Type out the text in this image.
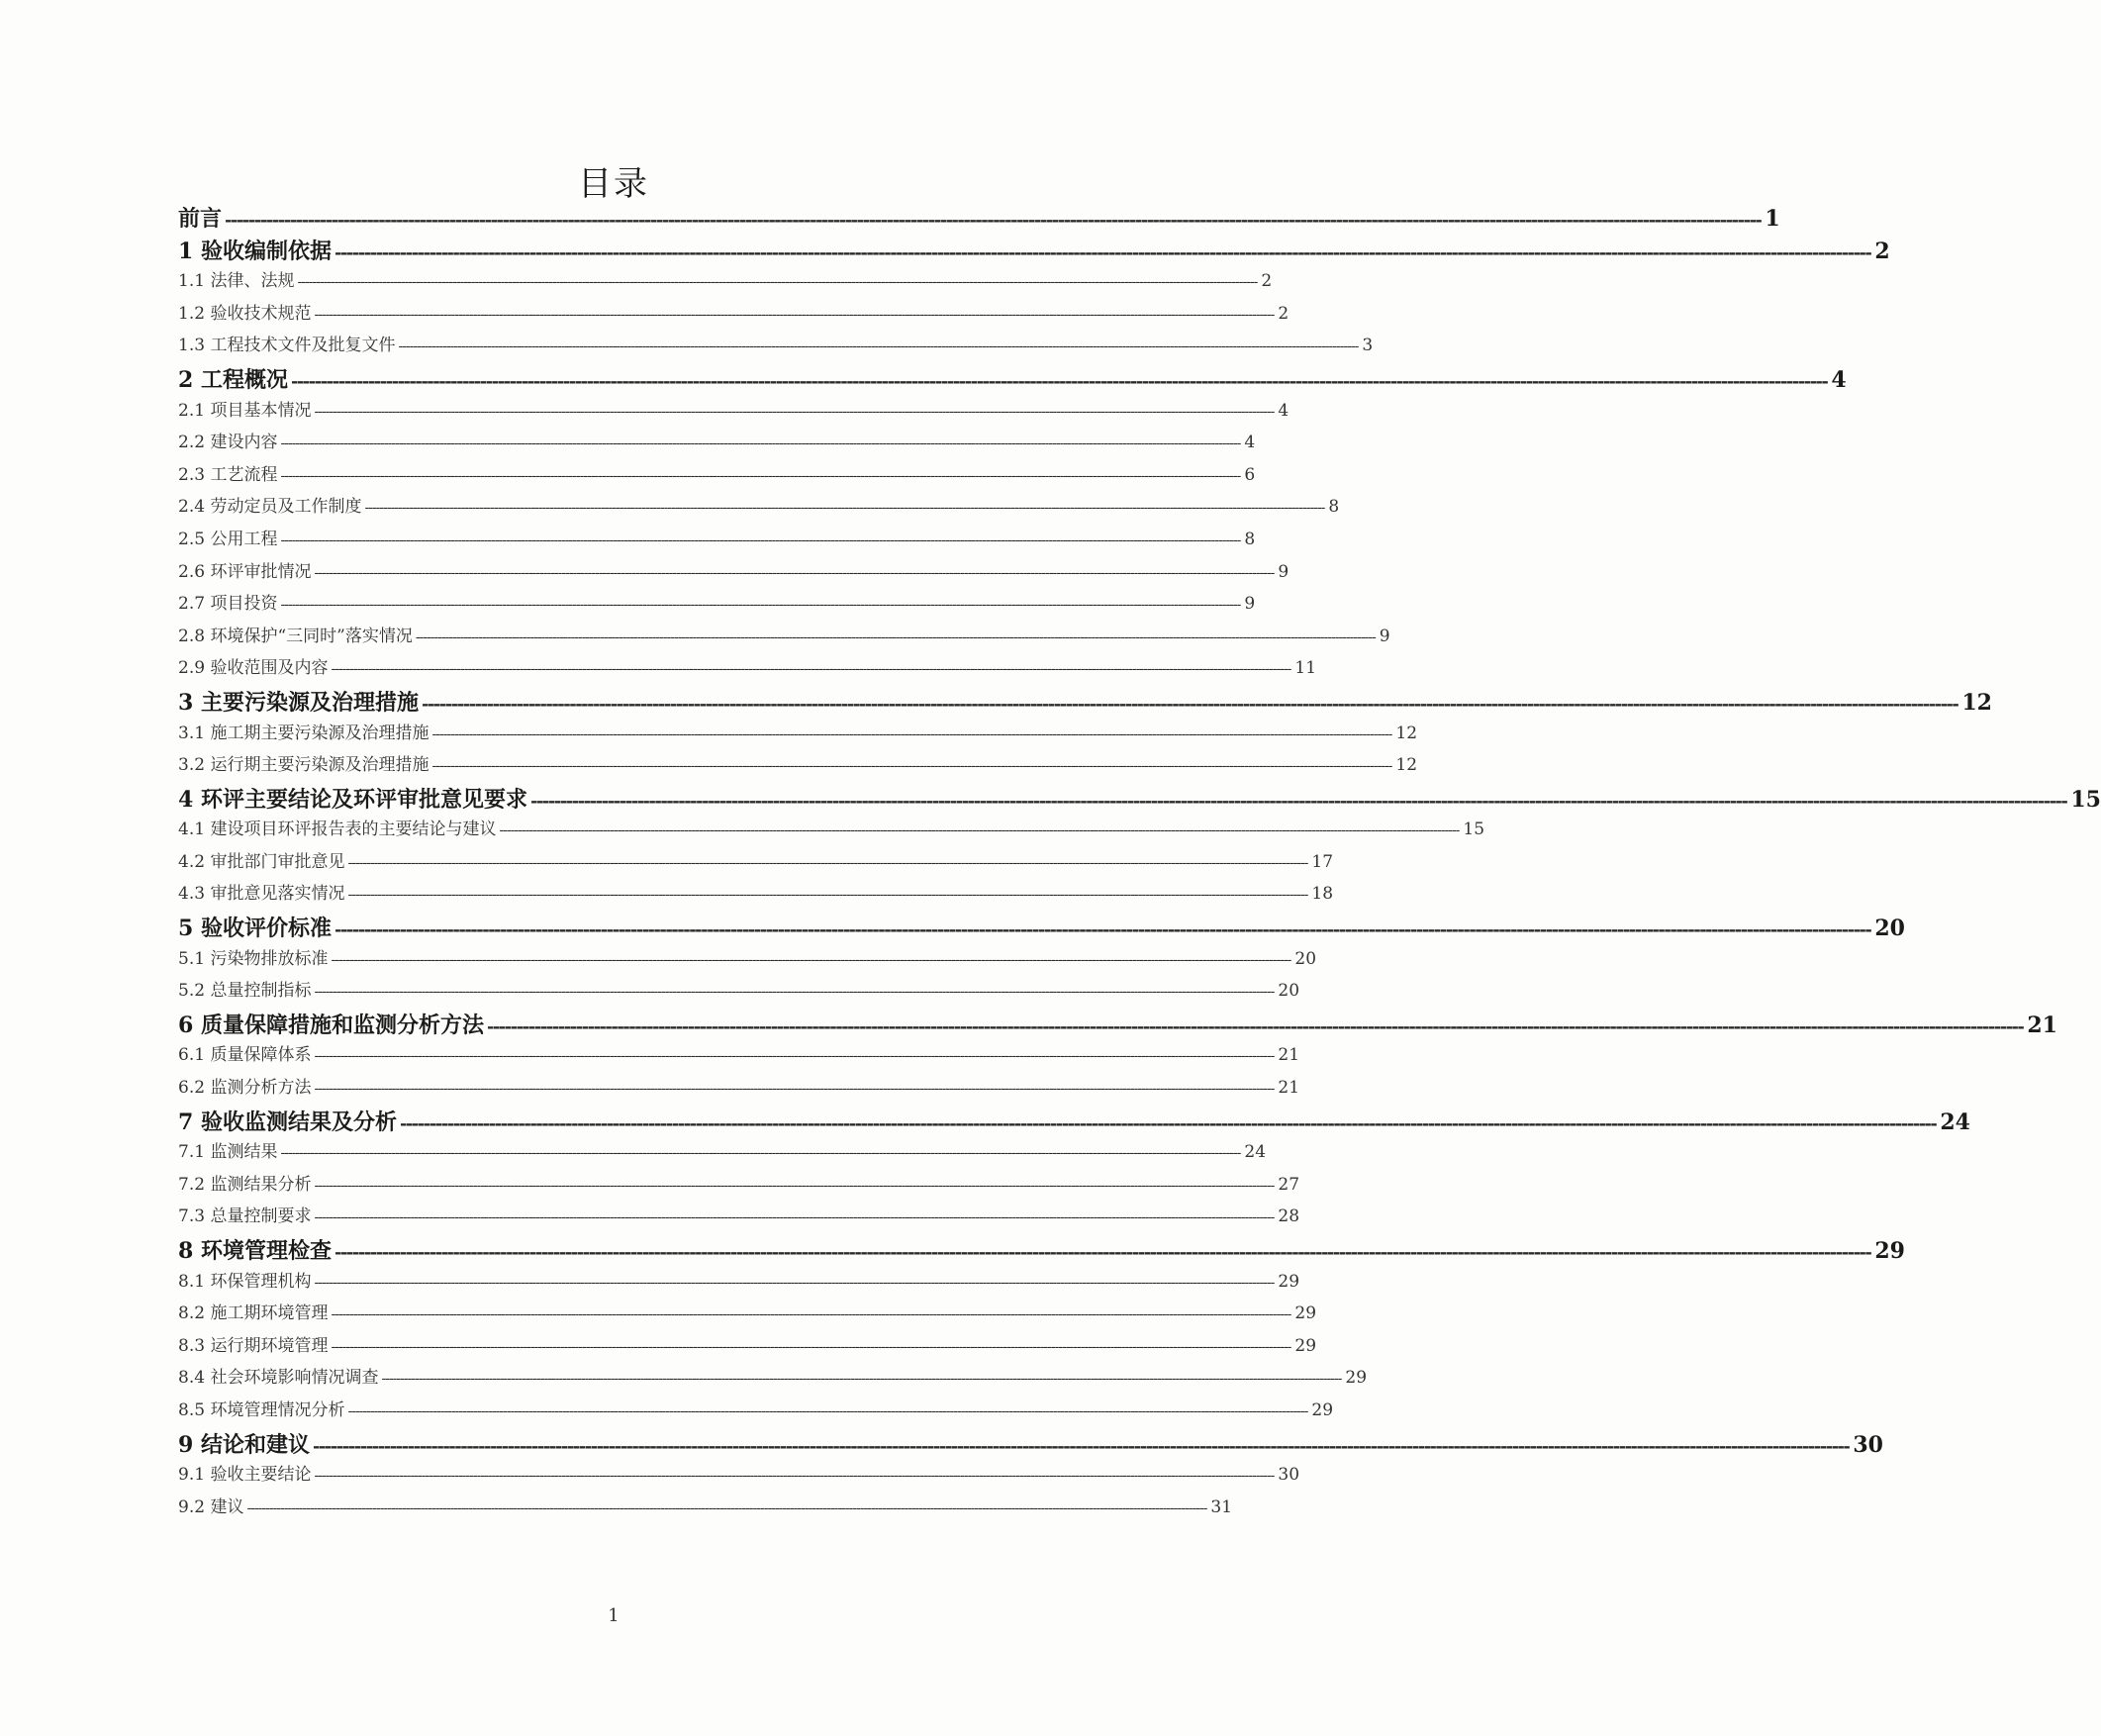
目录
前言 -------------------------------------------------------------------------------------------------------------------------------------------------------------------------------------------------------------------------------------------------------------------- 1
1 验收编制依据 -------------------------------------------------------------------------------------------------------------------------------------------------------------------------------------------------------------------------------------------------------------------- 2
1.1 法律、法规 -------------------------------------------------------------------------------------------------------------------------------------------------------------------------------------------------------------------------------------------------------------------- 2
1.2 验收技术规范 -------------------------------------------------------------------------------------------------------------------------------------------------------------------------------------------------------------------------------------------------------------------- 2
1.3 工程技术文件及批复文件 -------------------------------------------------------------------------------------------------------------------------------------------------------------------------------------------------------------------------------------------------------------------- 3
2 工程概况 -------------------------------------------------------------------------------------------------------------------------------------------------------------------------------------------------------------------------------------------------------------------- 4
2.1 项目基本情况 -------------------------------------------------------------------------------------------------------------------------------------------------------------------------------------------------------------------------------------------------------------------- 4
2.2 建设内容 -------------------------------------------------------------------------------------------------------------------------------------------------------------------------------------------------------------------------------------------------------------------- 4
2.3 工艺流程 -------------------------------------------------------------------------------------------------------------------------------------------------------------------------------------------------------------------------------------------------------------------- 6
2.4 劳动定员及工作制度 -------------------------------------------------------------------------------------------------------------------------------------------------------------------------------------------------------------------------------------------------------------------- 8
2.5 公用工程 -------------------------------------------------------------------------------------------------------------------------------------------------------------------------------------------------------------------------------------------------------------------- 8
2.6 环评审批情况 -------------------------------------------------------------------------------------------------------------------------------------------------------------------------------------------------------------------------------------------------------------------- 9
2.7 项目投资 -------------------------------------------------------------------------------------------------------------------------------------------------------------------------------------------------------------------------------------------------------------------- 9
2.8 环境保护“三同时”落实情况 -------------------------------------------------------------------------------------------------------------------------------------------------------------------------------------------------------------------------------------------------------------------- 9
2.9 验收范围及内容 -------------------------------------------------------------------------------------------------------------------------------------------------------------------------------------------------------------------------------------------------------------------- 11
3 主要污染源及治理措施 -------------------------------------------------------------------------------------------------------------------------------------------------------------------------------------------------------------------------------------------------------------------- 12
3.1 施工期主要污染源及治理措施 -------------------------------------------------------------------------------------------------------------------------------------------------------------------------------------------------------------------------------------------------------------------- 12
3.2 运行期主要污染源及治理措施 -------------------------------------------------------------------------------------------------------------------------------------------------------------------------------------------------------------------------------------------------------------------- 12
4 环评主要结论及环评审批意见要求 -------------------------------------------------------------------------------------------------------------------------------------------------------------------------------------------------------------------------------------------------------------------- 15
4.1 建设项目环评报告表的主要结论与建议 -------------------------------------------------------------------------------------------------------------------------------------------------------------------------------------------------------------------------------------------------------------------- 15
4.2 审批部门审批意见 -------------------------------------------------------------------------------------------------------------------------------------------------------------------------------------------------------------------------------------------------------------------- 17
4.3 审批意见落实情况 -------------------------------------------------------------------------------------------------------------------------------------------------------------------------------------------------------------------------------------------------------------------- 18
5 验收评价标准 -------------------------------------------------------------------------------------------------------------------------------------------------------------------------------------------------------------------------------------------------------------------- 20
5.1 污染物排放标准 -------------------------------------------------------------------------------------------------------------------------------------------------------------------------------------------------------------------------------------------------------------------- 20
5.2 总量控制指标 -------------------------------------------------------------------------------------------------------------------------------------------------------------------------------------------------------------------------------------------------------------------- 20
6 质量保障措施和监测分析方法 -------------------------------------------------------------------------------------------------------------------------------------------------------------------------------------------------------------------------------------------------------------------- 21
6.1 质量保障体系 -------------------------------------------------------------------------------------------------------------------------------------------------------------------------------------------------------------------------------------------------------------------- 21
6.2 监测分析方法 -------------------------------------------------------------------------------------------------------------------------------------------------------------------------------------------------------------------------------------------------------------------- 21
7 验收监测结果及分析 -------------------------------------------------------------------------------------------------------------------------------------------------------------------------------------------------------------------------------------------------------------------- 24
7.1 监测结果 -------------------------------------------------------------------------------------------------------------------------------------------------------------------------------------------------------------------------------------------------------------------- 24
7.2 监测结果分析 -------------------------------------------------------------------------------------------------------------------------------------------------------------------------------------------------------------------------------------------------------------------- 27
7.3 总量控制要求 -------------------------------------------------------------------------------------------------------------------------------------------------------------------------------------------------------------------------------------------------------------------- 28
8 环境管理检查 -------------------------------------------------------------------------------------------------------------------------------------------------------------------------------------------------------------------------------------------------------------------- 29
8.1 环保管理机构 -------------------------------------------------------------------------------------------------------------------------------------------------------------------------------------------------------------------------------------------------------------------- 29
8.2 施工期环境管理 -------------------------------------------------------------------------------------------------------------------------------------------------------------------------------------------------------------------------------------------------------------------- 29
8.3 运行期环境管理 -------------------------------------------------------------------------------------------------------------------------------------------------------------------------------------------------------------------------------------------------------------------- 29
8.4 社会环境影响情况调查 -------------------------------------------------------------------------------------------------------------------------------------------------------------------------------------------------------------------------------------------------------------------- 29
8.5 环境管理情况分析 -------------------------------------------------------------------------------------------------------------------------------------------------------------------------------------------------------------------------------------------------------------------- 29
9 结论和建议 -------------------------------------------------------------------------------------------------------------------------------------------------------------------------------------------------------------------------------------------------------------------- 30
9.1 验收主要结论 -------------------------------------------------------------------------------------------------------------------------------------------------------------------------------------------------------------------------------------------------------------------- 30
9.2 建议 -------------------------------------------------------------------------------------------------------------------------------------------------------------------------------------------------------------------------------------------------------------------- 31
1
